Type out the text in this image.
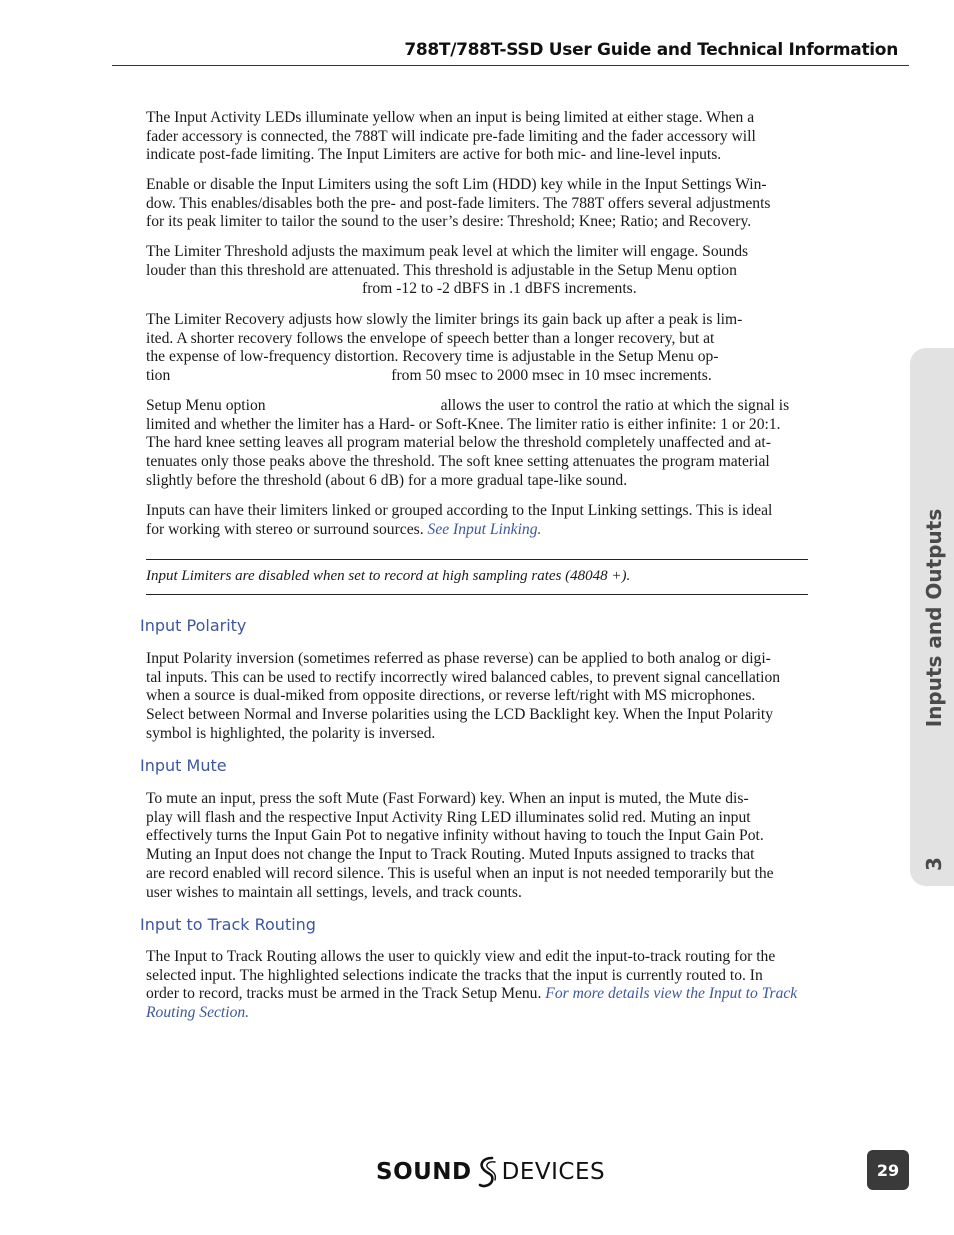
788T/788T-SSD User Guide and Technical Information
Inputs and Outputs
3
The Input Activity LEDs illuminate yellow when an input is being limited at either stage. When a
fader accessory is connected, the 788T will indicate pre-fade limiting and the fader accessory will
indicate post-fade limiting. The Input Limiters are active for both mic- and line-level inputs.
Enable or disable the Input Limiters using the soft Lim (HDD) key while in the Input Settings Win-
dow. This enables/disables both the pre- and post-fade limiters. The 788T offers several adjustments
for its peak limiter to tailor the sound to the user’s desire: Threshold; Knee; Ratio; and Recovery.
The Limiter Threshold adjusts the maximum peak level at which the limiter will engage. Sounds
louder than this threshold are attenuated. This threshold is adjustable in the Setup Menu option
from -12 to -2 dBFS in .1 dBFS increments.
The Limiter Recovery adjusts how slowly the limiter brings its gain back up after a peak is lim-
ited. A shorter recovery follows the envelope of speech better than a longer recovery, but at
the expense of low-frequency distortion. Recovery time is adjustable in the Setup Menu op-
tion	from 50 msec to 2000 msec in 10 msec increments.
Setup Menu option	allows the user to control the ratio at which the signal is
limited and whether the limiter has a Hard- or Soft-Knee. The limiter ratio is either infinite: 1 or 20:1.
The hard knee setting leaves all program material below the threshold completely unaffected and at-
tenuates only those peaks above the threshold. The soft knee setting attenuates the program material
slightly before the threshold (about 6 dB) for a more gradual tape-like sound.
Inputs can have their limiters linked or grouped according to the Input Linking settings. This is ideal
for working with stereo or surround sources. See Input Linking.
Input Limiters are disabled when set to record at high sampling rates (48048 +).
Input Polarity
Input Polarity inversion (sometimes referred as phase reverse) can be applied to both analog or digi-
tal inputs. This can be used to rectify incorrectly wired balanced cables, to prevent signal cancellation
when a source is dual-miked from opposite directions, or reverse left/right with MS microphones.
Select between Normal and Inverse polarities using the LCD Backlight key. When the Input Polarity
symbol is highlighted, the polarity is inversed.
Input Mute
To mute an input, press the soft Mute (Fast Forward) key. When an input is muted, the Mute dis-
play will flash and the respective Input Activity Ring LED illuminates solid red. Muting an input
effectively turns the Input Gain Pot to negative infinity without having to touch the Input Gain Pot.
Muting an Input does not change the Input to Track Routing. Muted Inputs assigned to tracks that
are record enabled will record silence. This is useful when an input is not needed temporarily but the
user wishes to maintain all settings, levels, and track counts.
Input to Track Routing
The Input to Track Routing allows the user to quickly view and edit the input-to-track routing for the
selected input. The highlighted selections indicate the tracks that the input is currently routed to. In
order to record, tracks must be armed in the Track Setup Menu. For more details view the Input to Track
Routing Section.
SOUND DEVICES	29
